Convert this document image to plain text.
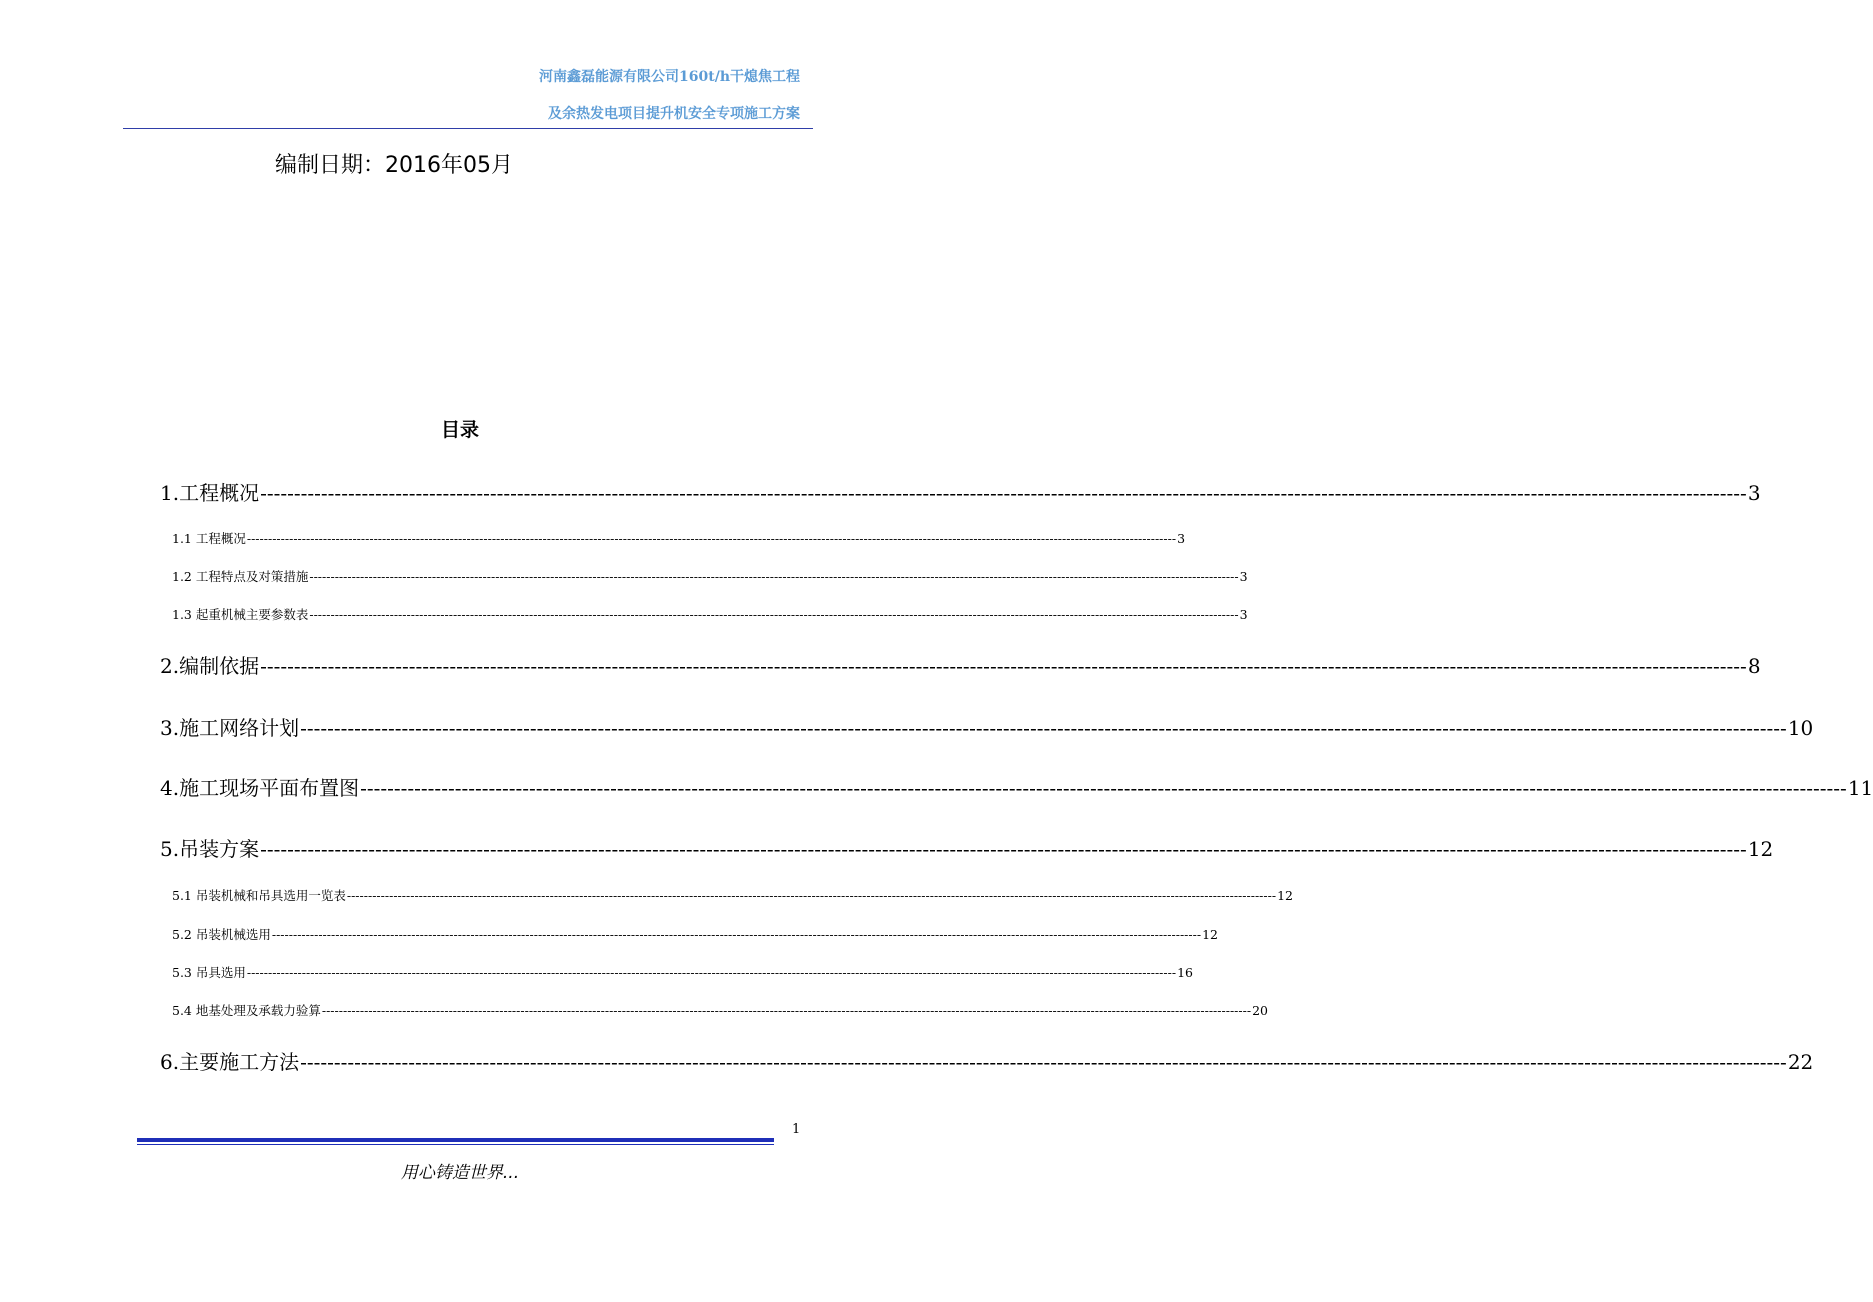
河南鑫磊能源有限公司160t/h干熄焦工程
及余热发电项目提升机安全专项施工方案
编制日期：2016年05月
目录
1.工程概况 ---------------------------------------------------------------------------------------------------------------------------------------------------------------------------------------------------------------------------- 3
1.1 工程概况 ---------------------------------------------------------------------------------------------------------------------------------------------------------------------------------------------------------------------------- 3
1.2 工程特点及对策措施 ---------------------------------------------------------------------------------------------------------------------------------------------------------------------------------------------------------------------------- 3
1.3 起重机械主要参数表 ---------------------------------------------------------------------------------------------------------------------------------------------------------------------------------------------------------------------------- 3
2.编制依据 ---------------------------------------------------------------------------------------------------------------------------------------------------------------------------------------------------------------------------- 8
3.施工网络计划 ---------------------------------------------------------------------------------------------------------------------------------------------------------------------------------------------------------------------------- 10
4.施工现场平面布置图 ---------------------------------------------------------------------------------------------------------------------------------------------------------------------------------------------------------------------------- 11
5.吊装方案 ---------------------------------------------------------------------------------------------------------------------------------------------------------------------------------------------------------------------------- 12
5.1 吊装机械和吊具选用一览表 ---------------------------------------------------------------------------------------------------------------------------------------------------------------------------------------------------------------------------- 12
5.2 吊装机械选用 ---------------------------------------------------------------------------------------------------------------------------------------------------------------------------------------------------------------------------- 12
5.3 吊具选用 ---------------------------------------------------------------------------------------------------------------------------------------------------------------------------------------------------------------------------- 16
5.4 地基处理及承载力验算 ---------------------------------------------------------------------------------------------------------------------------------------------------------------------------------------------------------------------------- 20
6.主要施工方法 ---------------------------------------------------------------------------------------------------------------------------------------------------------------------------------------------------------------------------- 22
1
用心铸造世界...
